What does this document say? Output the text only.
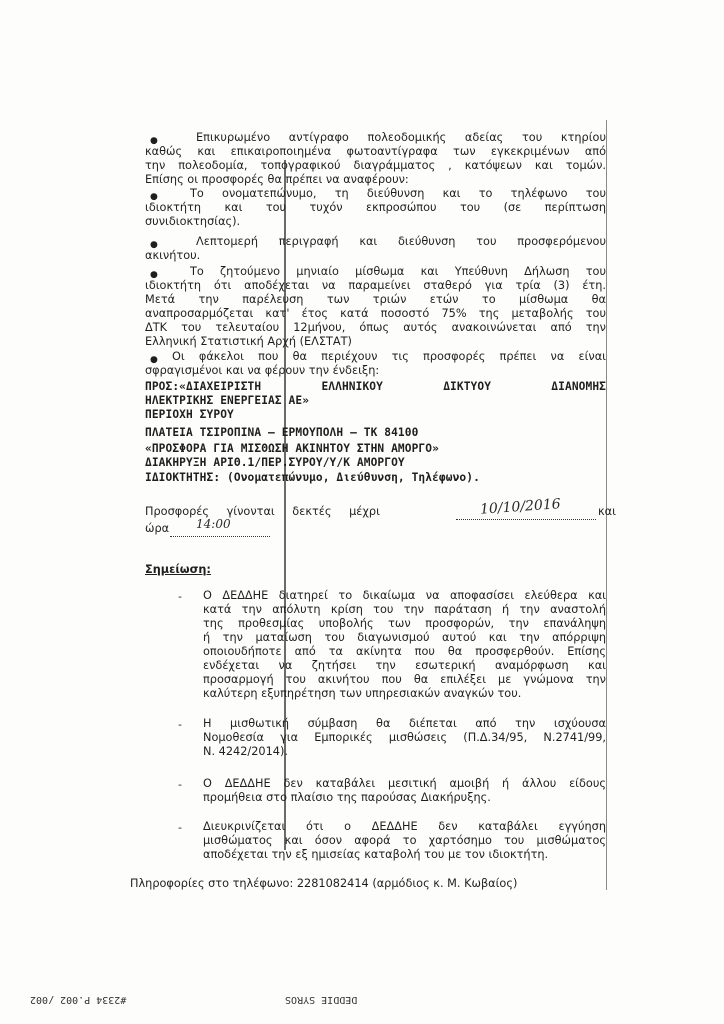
●	Επικυρωμένο αντίγραφο πολεοδομικής αδείας του κτηρίου
καθώς και επικαιροποιημένα φωτοαντίγραφα των εγκεκριμένων από
την πολεοδομία, τοπογραφικού διαγράμματος , κατόψεων και τομών.
Επίσης οι προσφορές θα πρέπει να αναφέρουν:
●	Το ονοματεπώνυμο, τη διεύθυνση και το τηλέφωνο του
ιδιοκτήτη και του τυχόν εκπροσώπου του (σε περίπτωση
συνιδιοκτησίας).
●	Λεπτομερή περιγραφή και διεύθυνση του προσφερόμενου
ακινήτου.
●	Το ζητούμενο μηνιαίο μίσθωμα και Υπεύθυνη Δήλωση του
ιδιοκτήτη ότι αποδέχεται να παραμείνει σταθερό για τρία (3) έτη.
Μετά την παρέλευση των τριών ετών το μίσθωμα θα
αναπροσαρμόζεται κατ' έτος κατά ποσοστό 75% της μεταβολής του
ΔΤΚ του τελευταίου 12μήνου, όπως αυτός ανακοινώνεται από την
Ελληνική Στατιστική Αρχή (ΕΛΣΤΑΤ)
● Οι φάκελοι που θα περιέχουν τις προσφορές πρέπει να είναι
σφραγισμένοι και να φέρουν την ένδειξη:
ΠΡΟΣ:«ΔΙΑΧΕΙΡΙΣΤΗ ΕΛΛΗΝΙΚΟΥ ΔΙΚΤΥΟΥ ΔΙΑΝΟΜΗΣ
ΗΛΕΚΤΡΙΚΗΣ ΕΝΕΡΓΕΙΑΣ ΑΕ»
ΠΕΡΙΟΧΗ ΣΥΡΟΥ
ΠΛΑΤΕΙΑ ΤΣΙΡΟΠΙΝΑ – ΕΡΜΟΥΠΟΛΗ – ΤΚ 84100
«ΠΡΟΣΦΟΡΑ ΓΙΑ ΜΙΣΘΩΣΗ ΑΚΙΝΗΤΟΥ ΣΤΗΝ ΑΜΟΡΓΟ»
ΔΙΑΚΗΡΥΞΗ ΑΡΙΘ.1/ΠΕΡ.ΣΥΡΟΥ/Υ/Κ ΑΜΟΡΓΟΥ
ΙΔΙΟΚΤΗΤΗΣ: (Ονοματεπώνυμο, Διεύθυνση, Τηλέφωνο).
Προσφορές γίνονται δεκτές μέχρι	10/10/2016	και
ώρα 14:00
Σημείωση:
- Ο ΔΕΔΔΗΕ διατηρεί το δικαίωμα να αποφασίσει ελεύθερα και
κατά την απόλυτη κρίση του την παράταση ή την αναστολή
της προθεσμίας υποβολής των προσφορών, την επανάληψη
ή την ματαίωση του διαγωνισμού αυτού και την απόρριψη
οποιουδήποτε από τα ακίνητα που θα προσφερθούν. Επίσης
ενδέχεται να ζητήσει την εσωτερική αναμόρφωση και
προσαρμογή του ακινήτου που θα επιλέξει με γνώμονα την
καλύτερη εξυπηρέτηση των υπηρεσιακών αναγκών του.
- Η μισθωτική σύμβαση θα διέπεται από την ισχύουσα
Νομοθεσία για Εμπορικές μισθώσεις (Π.Δ.34/95, Ν.2741/99,
Ν. 4242/2014).
- Ο ΔΕΔΔΗΕ δεν καταβάλει μεσιτική αμοιβή ή άλλου είδους
προμήθεια στο πλαίσιο της παρούσας Διακήρυξης.
- Διευκρινίζεται ότι ο ΔΕΔΔΗΕ δεν καταβάλει εγγύηση
μισθώματος και όσον αφορά το χαρτόσημο του μισθώματος
αποδέχεται την εξ ημισείας καταβολή του με τον ιδιοκτήτη.
Πληροφορίες στο τηλέφωνο: 2281082414 (αρμόδιος κ. Μ. Κωβαίος)
#2334 P.002 /002	DEDDIE SYROS
